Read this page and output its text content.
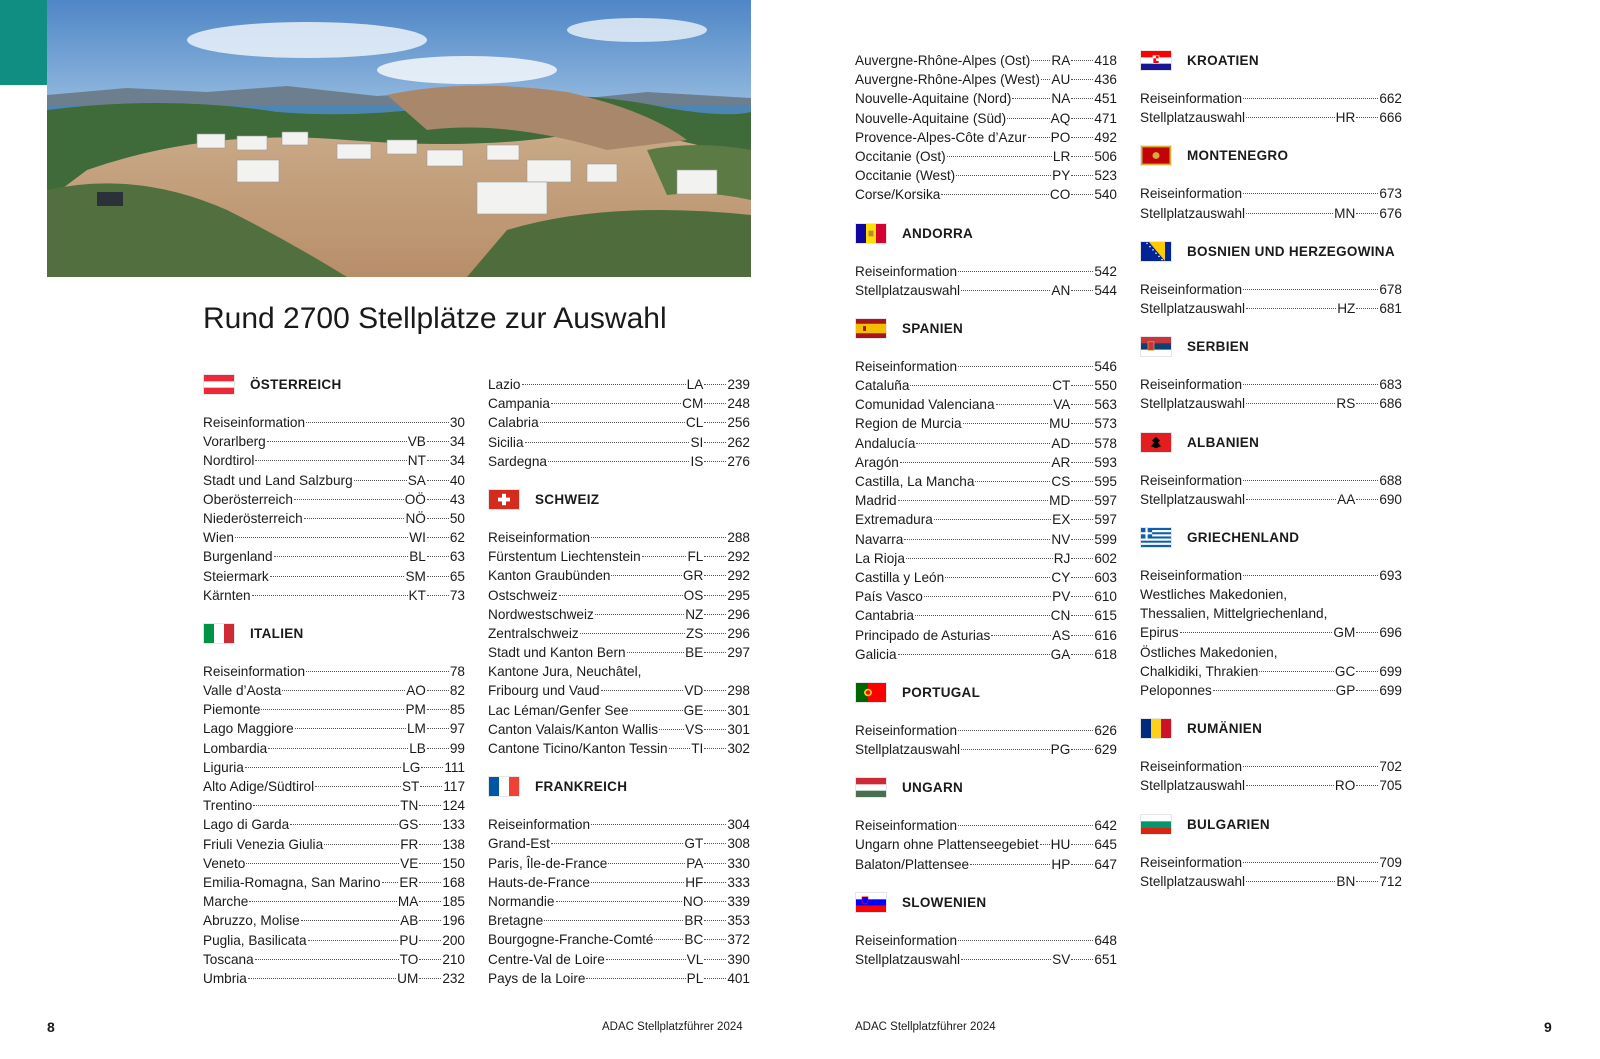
Rund 2700 Stellplätze zur Auswahl
ÖSTERREICH
Reiseinformation	30
Vorarlberg	VB 34
Nordtirol	NT 34
Stadt und Land Salzburg	SA 40
Oberösterreich	OÖ 43
Niederösterreich	NÖ 50
Wien	WI 62
Burgenland	BL 63
Steiermark	SM 65
Kärnten	KT 73
ITALIEN
Reiseinformation	78
Valle d’Aosta	AO 82
Piemonte	PM 85
Lago Maggiore	LM 97
Lombardia	LB 99
Liguria	LG 111
Alto Adige/Südtirol	ST 117
Trentino	TN 124
Lago di Garda	GS 133
Friuli Venezia Giulia	FR 138
Veneto	VE 150
Emilia-Romagna, San Marino ER 168
Marche	MA 185
Abruzzo, Molise	AB 196
Puglia, Basilicata	PU 200
Toscana	TO 210
Umbria	UM 232
Lazio	LA 239
Campania	CM 248
Calabria	CL 256
Sicilia	SI 262
Sardegna	IS 276
SCHWEIZ
Reiseinformation	288
Fürstentum Liechtenstein	FL 292
Kanton Graubünden	GR 292
Ostschweiz	OS 295
Nordwestschweiz	NZ 296
Zentralschweiz	ZS 296
Stadt und Kanton Bern	BE 297
Kantone Jura, Neuchâtel,
Fribourg und Vaud	VD 298
Lac Léman/Genfer See	GE 301
Canton Valais/Kanton Wallis VS 301
Cantone Ticino/Kanton Tessin TI 302
FRANKREICH
Reiseinformation	304
Grand-Est	GT 308
Paris, Île-de-France	PA 330
Hauts-de-France	HF 333
Normandie	NO 339
Bretagne	BR 353
Bourgogne-Franche-Comté BC 372
Centre-Val de Loire	VL 390
Pays de la Loire	PL 401
Auvergne-Rhône-Alpes (Ost) RA 418
Auvergne-Rhône-Alpes (West) AU 436
Nouvelle-Aquitaine (Nord)	NA 451
Nouvelle-Aquitaine (Süd)	AQ 471
Provence-Alpes-Côte d’Azur PO 492
Occitanie (Ost)	LR 506
Occitanie (West)	PY 523
Corse/Korsika	CO 540
ANDORRA
Reiseinformation	542
Stellplatzauswahl	AN 544
SPANIEN
Reiseinformation	546
Cataluña	CT 550
Comunidad Valenciana	VA 563
Region de Murcia	MU 573
Andalucía	AD 578
Aragón	AR 593
Castilla, La Mancha	CS 595
Madrid	MD 597
Extremadura	EX 597
Navarra	NV 599
La Rioja	RJ 602
Castilla y León	CY 603
País Vasco	PV 610
Cantabria	CN 615
Principado de Asturias	AS 616
Galicia	GA 618
PORTUGAL
Reiseinformation	626
Stellplatzauswahl	PG 629
UNGARN
Reiseinformation	642
Ungarn ohne Plattenseegebiet HU 645
Balaton/Plattensee	HP 647
SLOWENIEN
Reiseinformation	648
Stellplatzauswahl	SV 651
KROATIEN
Reiseinformation	662
Stellplatzauswahl	HR 666
MONTENEGRO
Reiseinformation	673
Stellplatzauswahl	MN 676
BOSNIEN UND HERZEGOWINA
Reiseinformation	678
Stellplatzauswahl	HZ 681
SERBIEN
Reiseinformation	683
Stellplatzauswahl	RS 686
ALBANIEN
Reiseinformation	688
Stellplatzauswahl	AA 690
GRIECHENLAND
Reiseinformation	693
Westliches Makedonien,
Thessalien, Mittelgriechenland,
Epirus	GM 696
Östliches Makedonien,
Chalkidiki, Thrakien	GC 699
Peloponnes	GP 699
RUMÄNIEN
Reiseinformation	702
Stellplatzauswahl	RO 705
BULGARIEN
Reiseinformation	709
Stellplatzauswahl	BN 712
8	ADAC Stellplatzführer 2024	ADAC Stellplatzführer 2024	9
